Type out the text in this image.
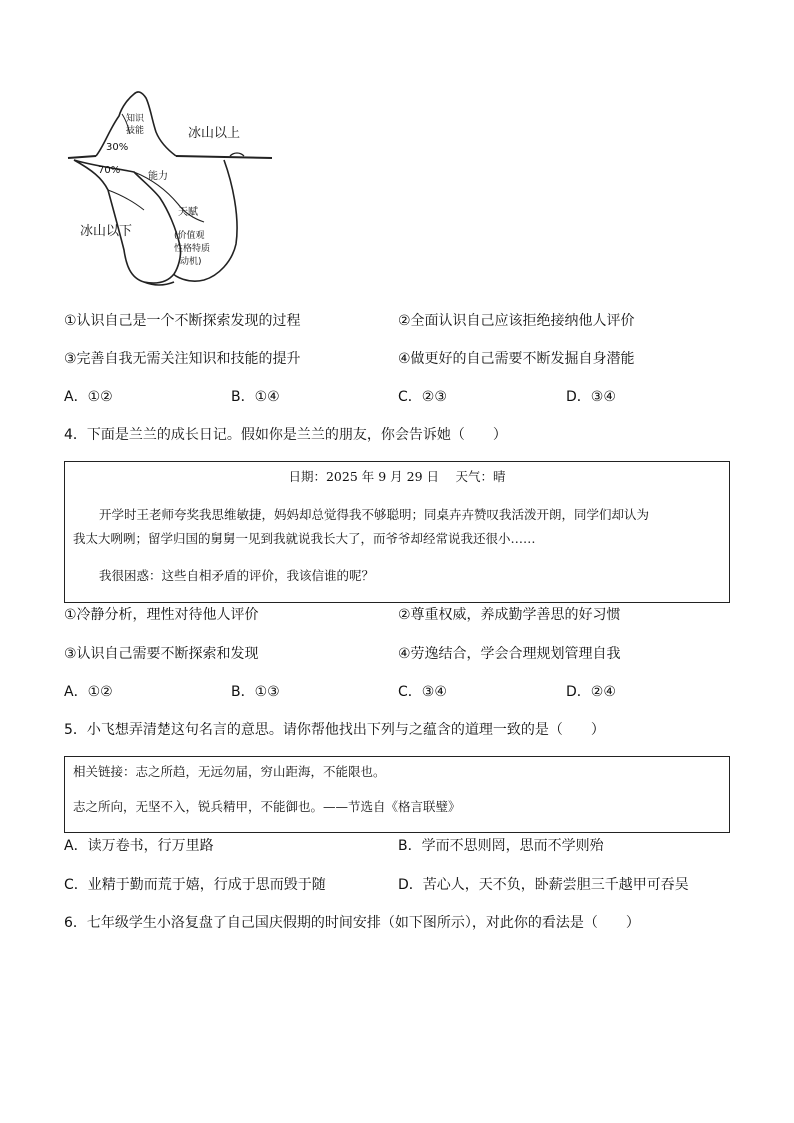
知识
技能	冰山以上
30%
70%
能力
天赋
冰山以下	(价值观
性格特质
动机)
①认识自己是一个不断探索发现的过程	②全面认识自己应该拒绝接纳他人评价
③完善自我无需关注知识和技能的提升	④做更好的自己需要不断发掘自身潜能
A．①②	B．①④	C．②③	D．③④
4．下面是兰兰的成长日记。假如你是兰兰的朋友，你会告诉她（　　）
日期：2025 年 9 月 29 日　 天气：晴
开学时王老师夸奖我思维敏捷，妈妈却总觉得我不够聪明；同桌卉卉赞叹我活泼开朗，同学们却认为
我太大咧咧；留学归国的舅舅一见到我就说我长大了，而爷爷却经常说我还很小……
我很困惑：这些自相矛盾的评价，我该信谁的呢？
①冷静分析，理性对待他人评价	②尊重权威，养成勤学善思的好习惯
③认识自己需要不断探索和发现	④劳逸结合，学会合理规划管理自我
A．①②	B．①③	C．③④	D．②④
5．小飞想弄清楚这句名言的意思。请你帮他找出下列与之蕴含的道理一致的是（　　）
相关链接：志之所趋，无远勿届，穷山距海，不能限也。
志之所向，无坚不入，锐兵精甲，不能御也。——节选自《格言联璧》
A．读万卷书，行万里路	B．学而不思则罔，思而不学则殆
C．业精于勤而荒于嬉，行成于思而毁于随	D．苦心人，天不负，卧薪尝胆三千越甲可吞吴
6．七年级学生小洛复盘了自己国庆假期的时间安排（如下图所示），对此你的看法是（　　）
